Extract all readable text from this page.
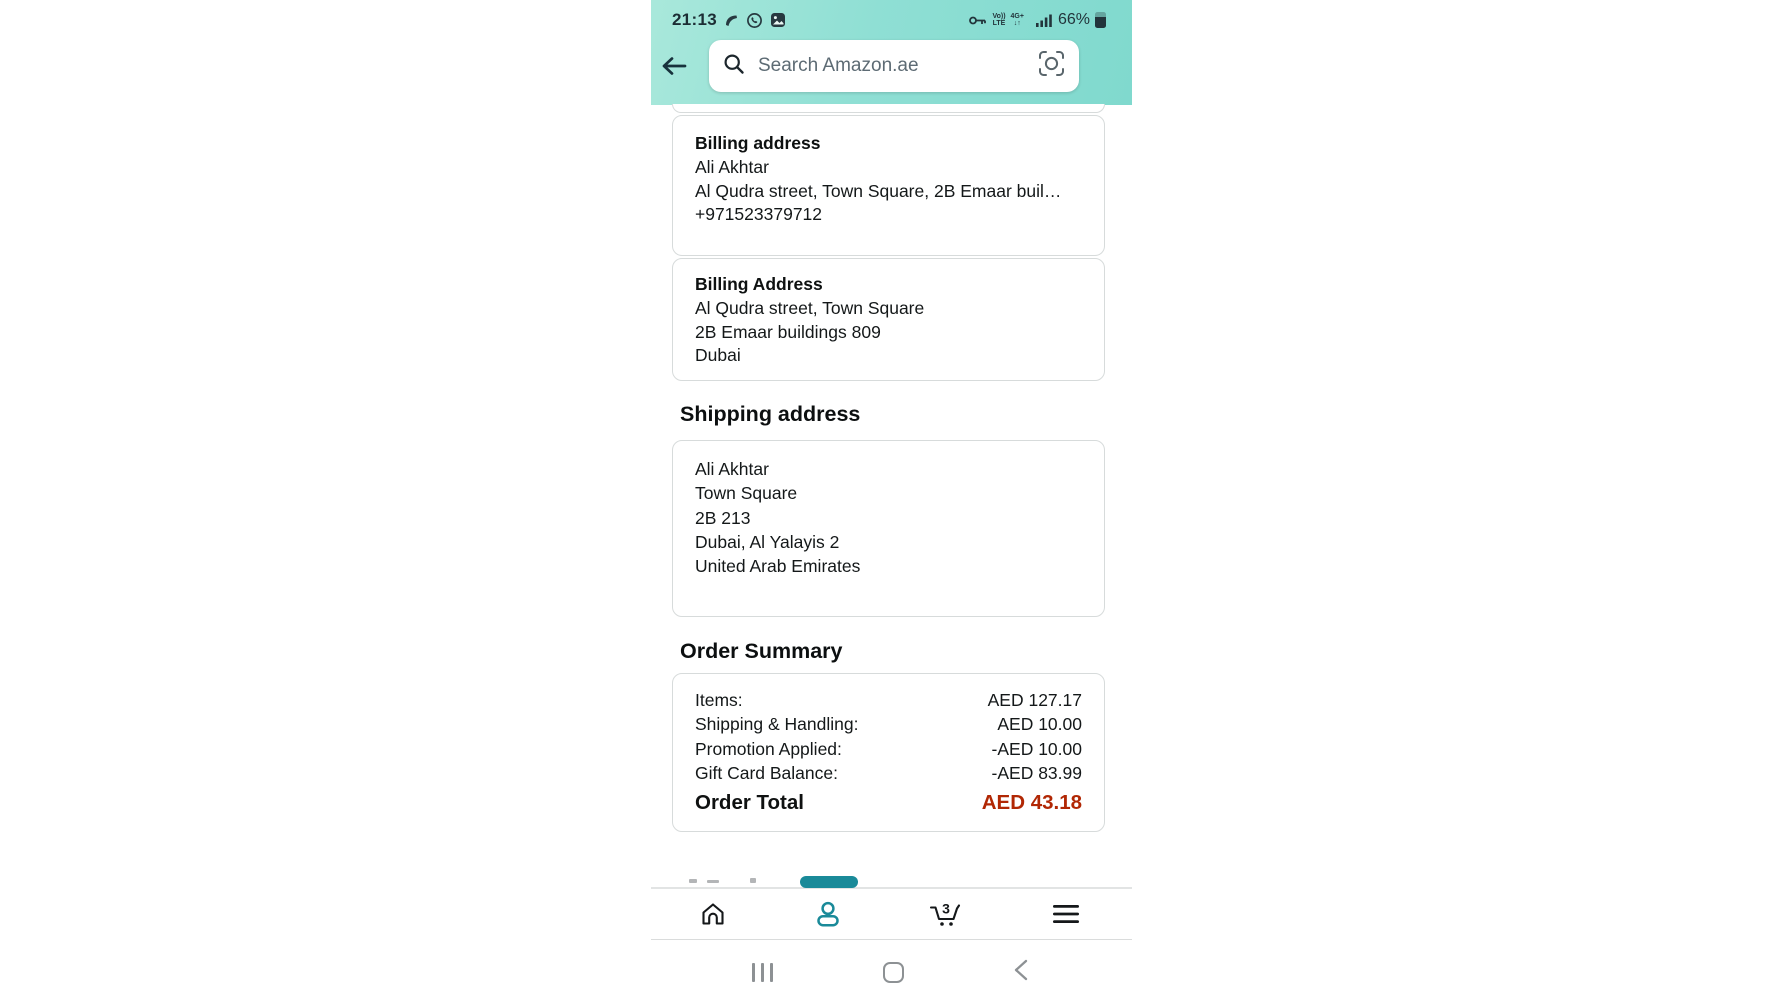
21:13	Vo))
LTE
4G+
↓↑ 66%
Search Amazon.ae
Billing address
Ali Akhtar
Al Qudra street, Town Square, 2B Emaar buil…
+971523379712
Billing Address
Al Qudra street, Town Square
2B Emaar buildings 809
Dubai
Shipping address
Ali Akhtar
Town Square
2B 213
Dubai, Al Yalayis 2
United Arab Emirates
Order Summary
Items:	AED 127.17
Shipping & Handling:	AED 10.00
Promotion Applied:	-AED 10.00
Gift Card Balance:	-AED 83.99
Order Total	AED 43.18
3
